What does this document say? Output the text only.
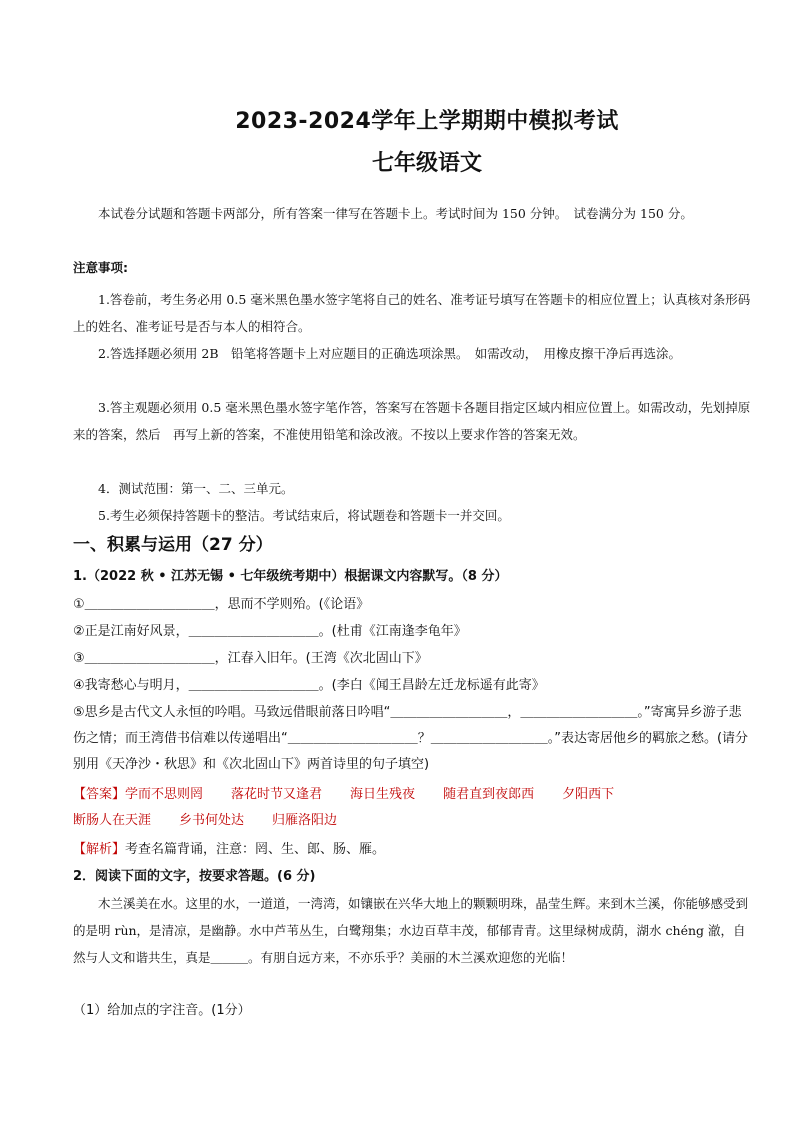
2023-2024学年上学期期中模拟考试
七年级语文
本试卷分试题和答题卡两部分，所有答案一律写在答题卡上。考试时间为 150 分钟。　试卷满分为 150 分。
注意事项:
1.答卷前，考生务必用 0.5 毫米黑色墨水签字笔将自己的姓名、准考证号填写在答题卡的相应位置上；认真核对条形码上的姓名、准考证号是否与本人的相符合。
2.答选择题必须用 2B　铅笔将答题卡上对应题目的正确选项涂黑。　如需改动，　用橡皮擦干净后再选涂。
3.答主观题必须用 0.5 毫米黑色墨水签字笔作答，答案写在答题卡各题目指定区域内相应位置上。如需改动，先划掉原来的答案，然后　再写上新的答案，不准使用铅笔和涂改液。不按以上要求作答的答案无效。
4．测试范围：第一、二、三单元。
5.考生必须保持答题卡的整洁。考试结束后，将试题卷和答题卡一并交回。
一、积累与运用（27 分）
1.（2022 秋 • 江苏无锡 • 七年级统考期中）根据课文内容默写。（8 分）
①＿＿＿＿＿＿＿＿＿＿，思而不学则殆。(《论语》
②正是江南好风景，＿＿＿＿＿＿＿＿＿＿。(杜甫《江南逢李龟年》
③＿＿＿＿＿＿＿＿＿＿，江春入旧年。(王湾《次北固山下》
④我寄愁心与明月，＿＿＿＿＿＿＿＿＿＿。(李白《闻王昌龄左迁龙标遥有此寄》
⑤思乡是古代文人永恒的吟唱。马致远借眼前落日吟唱“＿＿＿＿＿＿＿＿＿，＿＿＿＿＿＿＿＿＿。”寄寓异乡游子悲伤之情；而王湾借书信难以传递唱出“＿＿＿＿＿＿＿＿＿＿？＿＿＿＿＿＿＿＿＿。”表达寄居他乡的羁旅之愁。(请分别用《天净沙・秋思》和《次北固山下》两首诗里的句子填空)
【答案】学而不思则罔 落花时节又逢君 海日生残夜 随君直到夜郎西 夕阳西下
断肠人在天涯 乡书何处达 归雁洛阳边
【解析】考查名篇背诵，注意：罔、生、郎、肠、雁。
2．阅读下面的文字，按要求答题。(6 分)
木兰溪美在水。这里的水，一道道，一湾湾，如镶嵌在兴华大地上的颗颗明珠，晶莹生辉。来到木兰溪，你能够感受到的是明 rùn，是清凉，是幽静。水中芦苇丛生，白鹭翔集；水边百草丰茂，郁郁青青。这里绿树成荫，湖水 chéng 澈，自然与人文和谐共生，真是＿＿＿。有朋自远方来，不亦乐乎？美丽的木兰溪欢迎您的光临！
（1）给加点的字注音。(1分）
